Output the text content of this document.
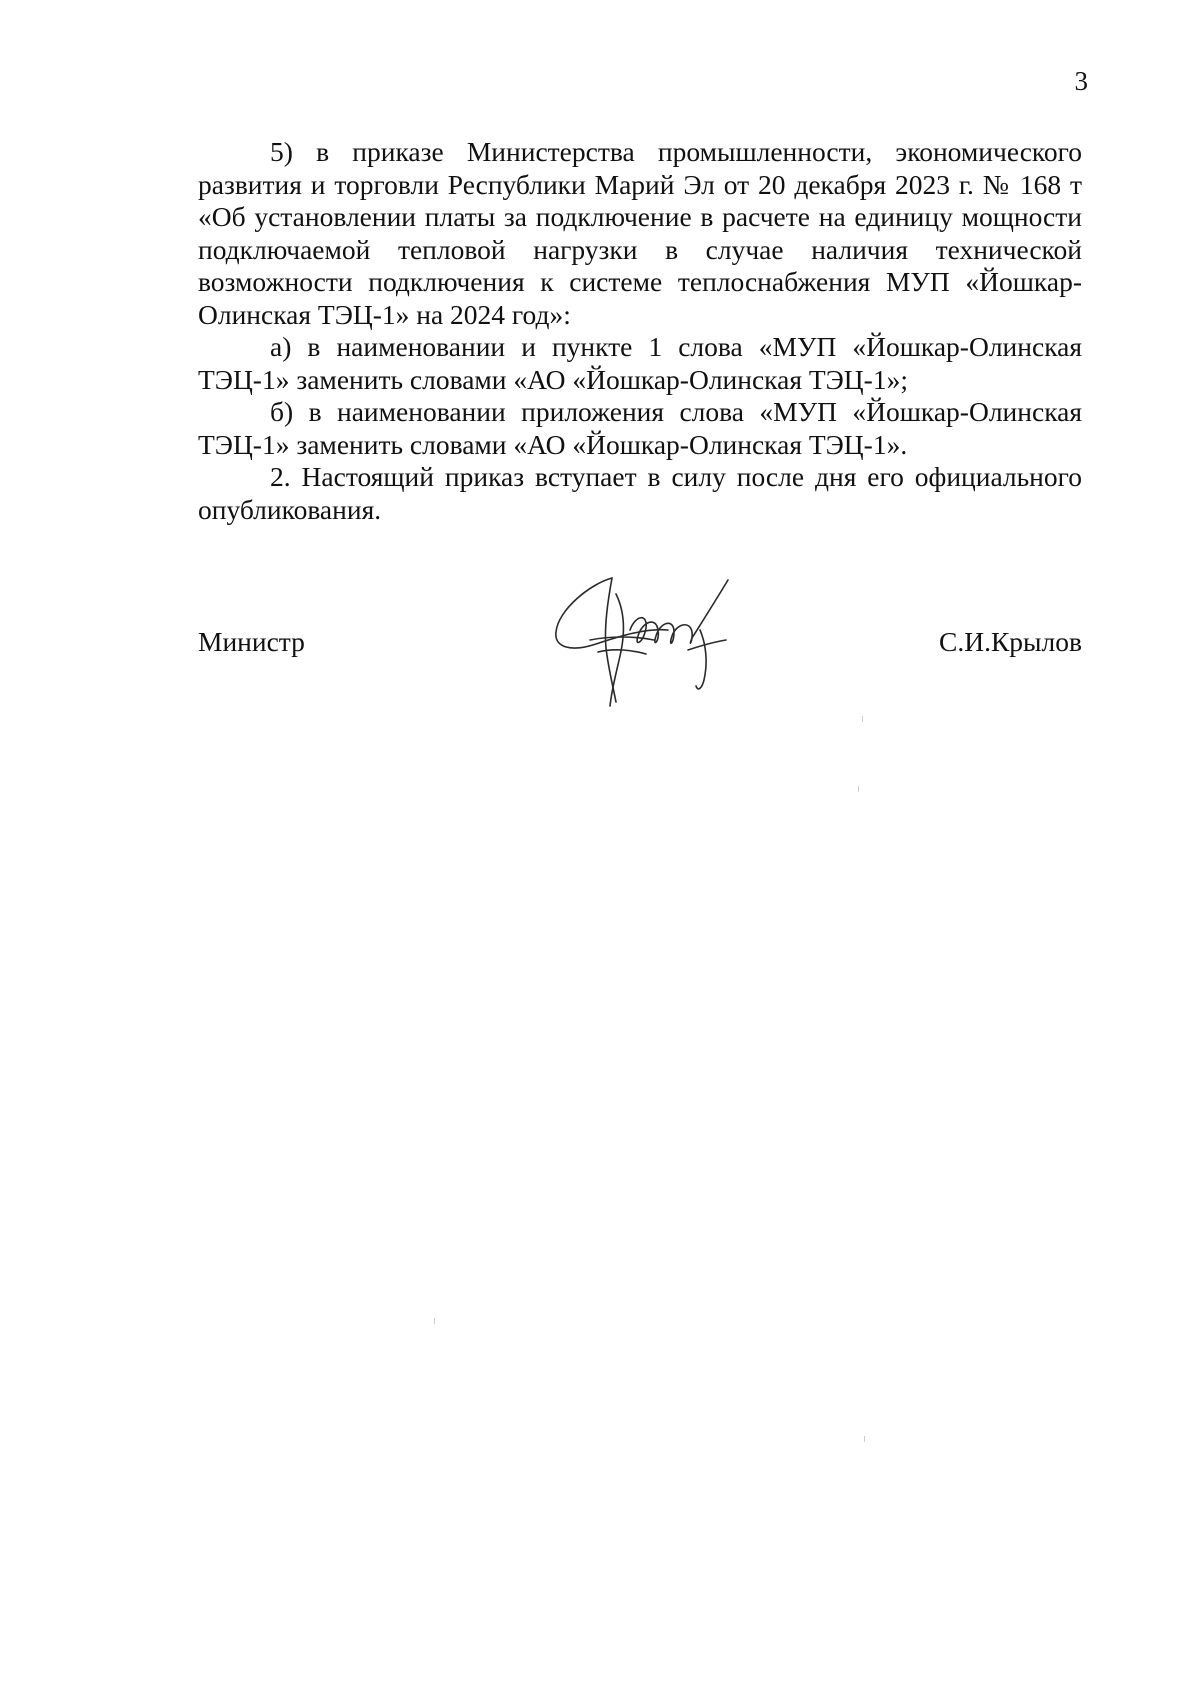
3

5) в приказе Министерства промышленности, экономического развития и торговли Республики Марий Эл от 20 декабря 2023 г. № 168 т «Об установлении платы за подключение в расчете на единицу мощности подключаемой тепловой нагрузки в случае наличия технической возможности подключения к системе теплоснабжения МУП «Йошкар-Олинская ТЭЦ-1» на 2024 год»:

а) в наименовании и пункте 1 слова «МУП «Йошкар-Олинская ТЭЦ-1» заменить словами «АО «Йошкар-Олинская ТЭЦ-1»;

б) в наименовании приложения слова «МУП «Йошкар-Олинская ТЭЦ-1» заменить словами «АО «Йошкар-Олинская ТЭЦ-1».

2. Настоящий приказ вступает в силу после дня его официального опубликования.

Министр	С.И.Крылов
